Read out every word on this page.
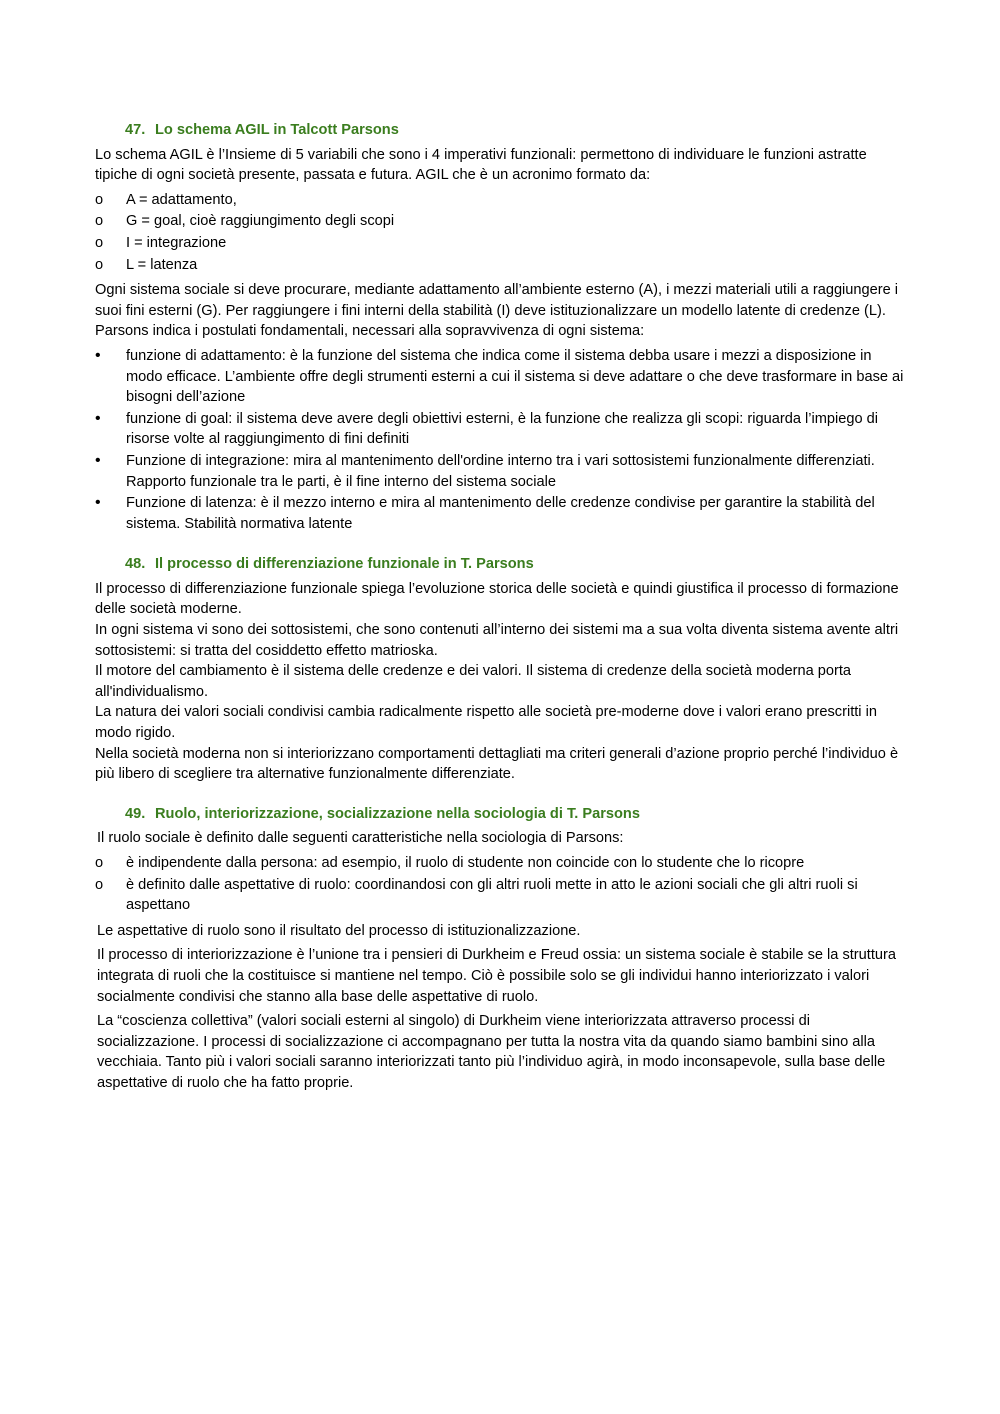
47. Lo schema AGIL in Talcott Parsons

Lo schema AGIL è l’Insieme di 5 variabili che sono i 4 imperativi funzionali: permettono di individuare le funzioni astratte tipiche di ogni società presente, passata e futura. AGIL che è un acronimo formato da:

o	A = adattamento,
o	G = goal, cioè raggiungimento degli scopi
o	I = integrazione
o	L = latenza

Ogni sistema sociale si deve procurare, mediante adattamento all’ambiente esterno (A), i mezzi materiali utili a raggiungere i suoi fini esterni (G). Per raggiungere i fini interni della stabilità (I) deve istituzionalizzare un modello latente di credenze (L). Parsons indica i postulati fondamentali, necessari alla sopravvivenza di ogni sistema:

•	funzione di adattamento: è la funzione del sistema che indica come il sistema debba usare i mezzi a disposizione in modo efficace. L’ambiente offre degli strumenti esterni a cui il sistema si deve adattare o che deve trasformare in base ai bisogni dell’azione
•	funzione di goal: il sistema deve avere degli obiettivi esterni, è la funzione che realizza gli scopi: riguarda l’impiego di risorse volte al raggiungimento di fini definiti
•	Funzione di integrazione: mira al mantenimento dell'ordine interno tra i vari sottosistemi funzionalmente differenziati. Rapporto funzionale tra le parti, è il fine interno del sistema sociale
•	Funzione di latenza: è il mezzo interno e mira al mantenimento delle credenze condivise per garantire la stabilità del sistema. Stabilità normativa latente
48. Il processo di differenziazione funzionale in T. Parsons

Il processo di differenziazione funzionale spiega l’evoluzione storica delle società e quindi giustifica il processo di formazione delle società moderne.

In ogni sistema vi sono dei sottosistemi, che sono contenuti all’interno dei sistemi ma a sua volta diventa sistema avente altri sottosistemi: si tratta del cosiddetto effetto matrioska.

Il motore del cambiamento è il sistema delle credenze e dei valori. Il sistema di credenze della società moderna porta all'individualismo.

La natura dei valori sociali condivisi cambia radicalmente rispetto alle società pre-moderne dove i valori erano prescritti in modo rigido.

Nella società moderna non si interiorizzano comportamenti dettagliati ma criteri generali d’azione proprio perché l’individuo è più libero di scegliere tra alternative funzionalmente differenziate.

49. Ruolo, interiorizzazione, socializzazione nella sociologia di T. Parsons

Il ruolo sociale è definito dalle seguenti caratteristiche nella sociologia di Parsons:

o	è indipendente dalla persona: ad esempio, il ruolo di studente non coincide con lo studente che lo ricopre
o	è definito dalle aspettative di ruolo: coordinandosi con gli altri ruoli mette in atto le azioni sociali che gli altri ruoli si aspettano

Le aspettative di ruolo sono il risultato del processo di istituzionalizzazione.

Il processo di interiorizzazione è l’unione tra i pensieri di Durkheim e Freud ossia: un sistema sociale è stabile se la struttura integrata di ruoli che la costituisce si mantiene nel tempo. Ciò è possibile solo se gli individui hanno interiorizzato i valori socialmente condivisi che stanno alla base delle aspettative di ruolo.

La “coscienza collettiva” (valori sociali esterni al singolo) di Durkheim viene interiorizzata attraverso processi di socializzazione. I processi di socializzazione ci accompagnano per tutta la nostra vita da quando siamo bambini sino alla vecchiaia. Tanto più i valori sociali saranno interiorizzati tanto più l’individuo agirà, in modo inconsapevole, sulla base delle aspettative di ruolo che ha fatto proprie.
